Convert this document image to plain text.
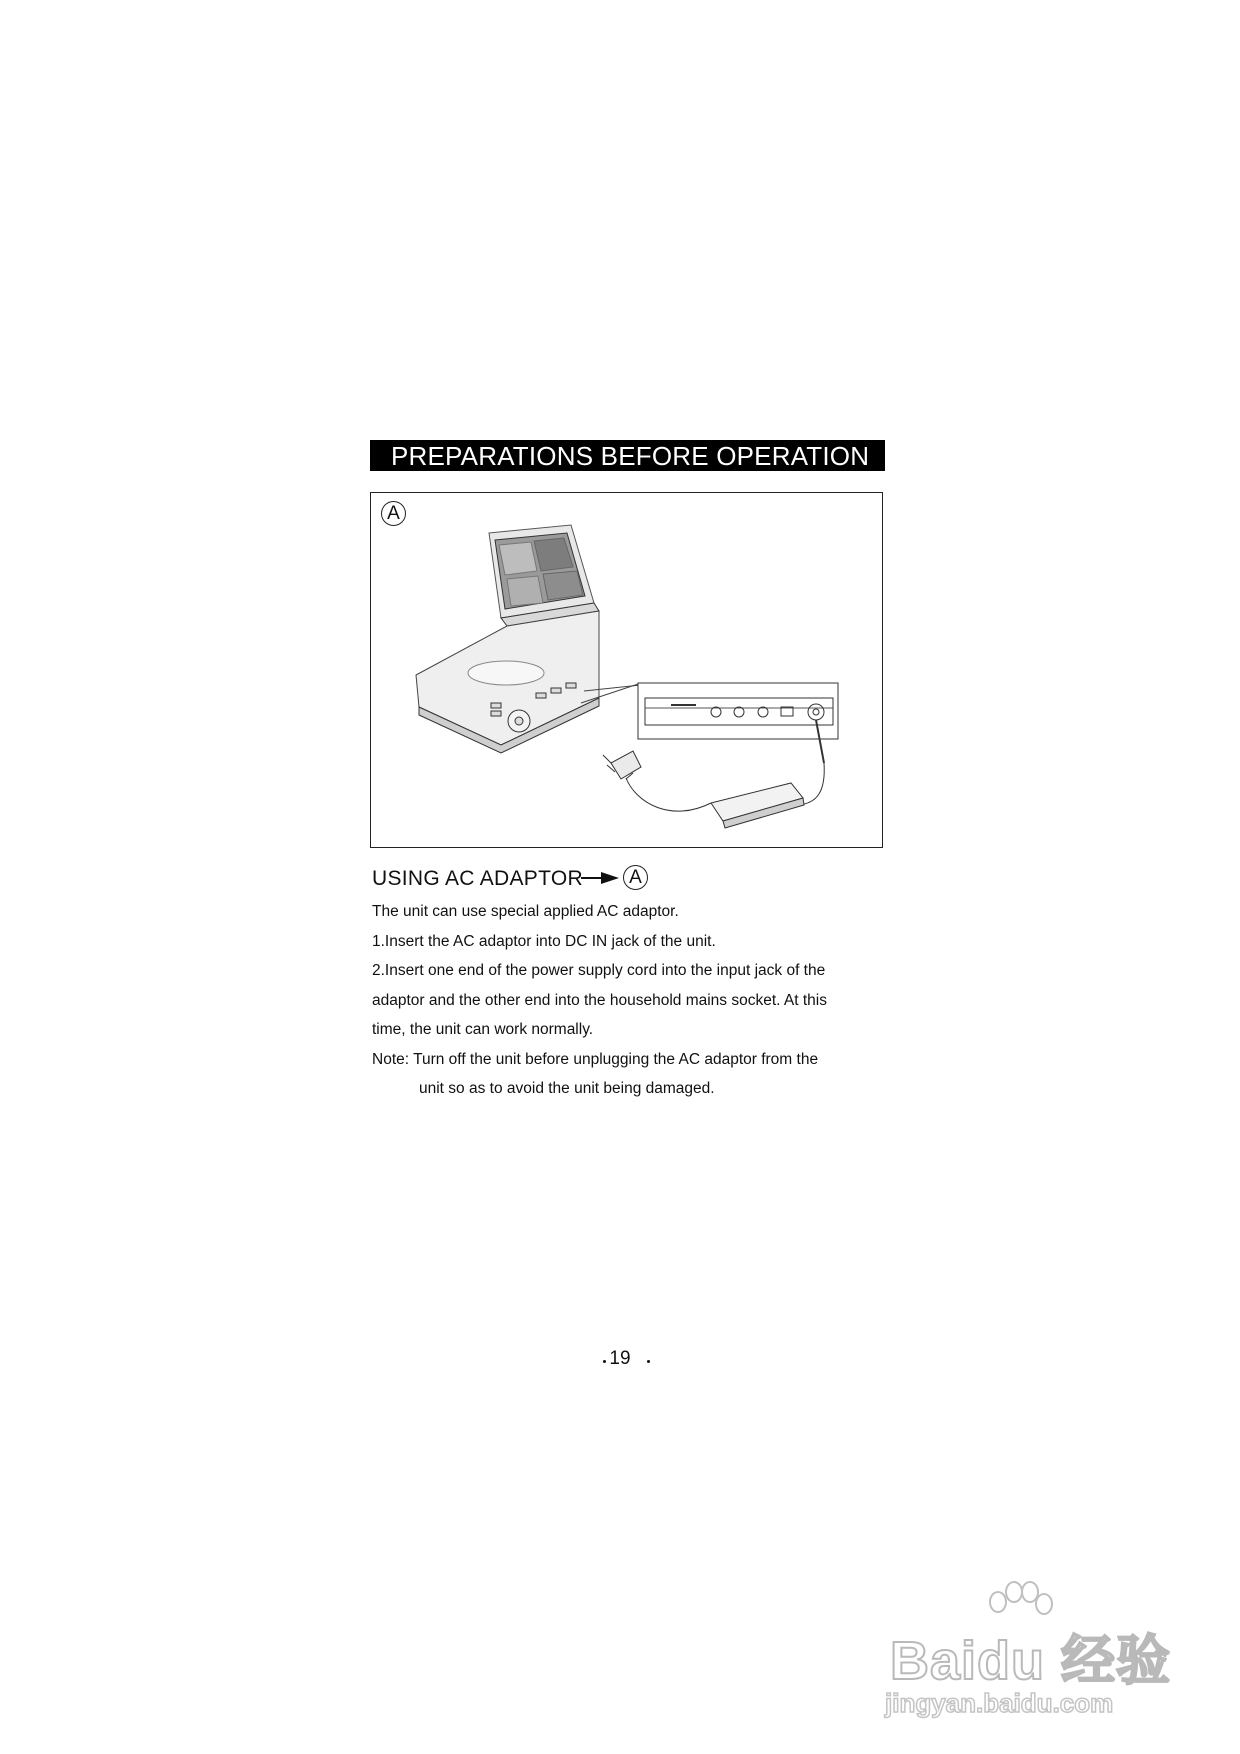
PREPARATIONS BEFORE OPERATION
A
USING AC ADAPTOR	A

The unit can use special applied AC adaptor.

1.Insert the AC adaptor into DC IN jack of the unit.

2.Insert one end of the power supply cord into the input jack of the

adaptor and the other end into the household mains socket. At this

time, the unit can work normally.

Note: Turn off the unit before unplugging the AC adaptor from the

unit so as to avoid the unit being damaged.

19
Baidu 经验
jingyan.baidu.com
